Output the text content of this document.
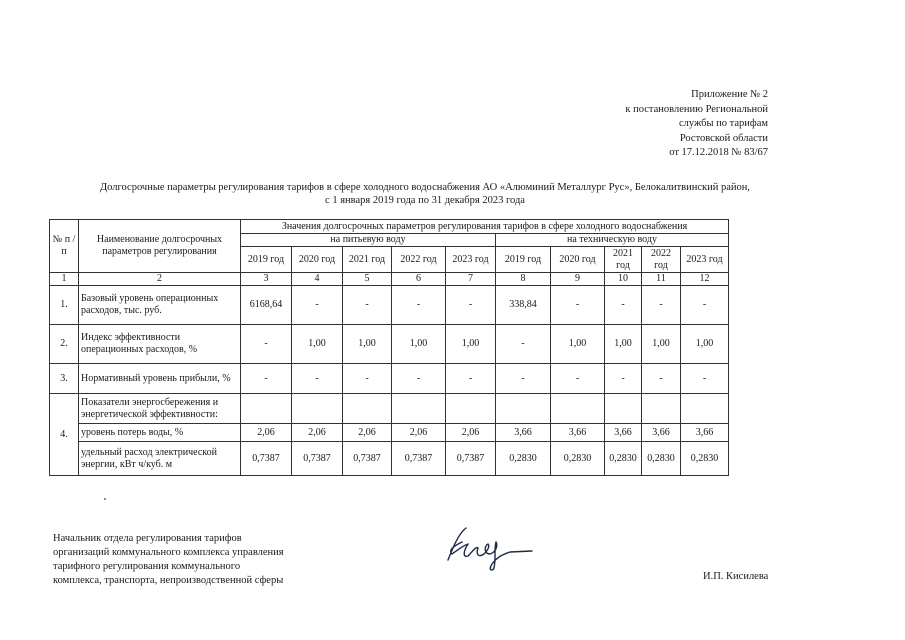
Приложение № 2
к постановлению Региональной
службы по тарифам
Ростовской области
от 17.12.2018 № 83/67
Долгосрочные параметры регулирования тарифов в сфере холодного водоснабжения АО «Алюминий Металлург Рус», Белокалитвинский район,
с 1 января 2019 года по 31 декабря 2023 года
№ п /п	Наименование долгосрочных параметров регулирования	Значения долгосрочных параметров регулирования тарифов в сфере холодного водоснабжения									
		на питьевую воду					на техническую воду				
		2019 год	2020 год	2021 год	2022 год	2023 год	2019 год	2020 год	2021 год	2022 год	2023 год
1	2	3	4	5	6	7	8	9	10	11	12
1.	Базовый уровень операционных расходов, тыс. руб.	6168,64	-	-	-	-	338,84	-	-	-	-
2.	Индекс эффективности операционных расходов, %	-	1,00	1,00	1,00	1,00	-	1,00	1,00	1,00	1,00
3.	Нормативный уровень прибыли, %	-	-	-	-	-	-	-	-	-	-
4.	Показатели энергосбережения и энергетической эффективности:										
	уровень потерь воды, %	2,06	2,06	2,06	2,06	2,06	3,66	3,66	3,66	3,66	3,66
	удельный расход электрической энергии, кВт ч/куб. м	0,7387	0,7387	0,7387	0,7387	0,7387	0,2830	0,2830	0,2830	0,2830	0,2830
Начальник отдела регулирования тарифов
организаций коммунального комплекса управления
тарифного регулирования коммунального
комплекса, транспорта, непроизводственной сферы	И.П. Кисилева
